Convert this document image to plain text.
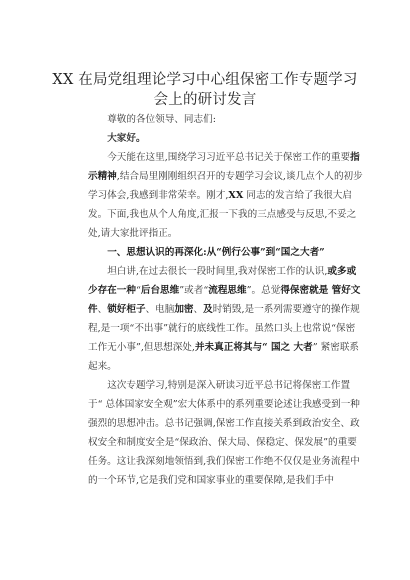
XX 在局党组理论学习中心组保密工作专题学习会上的研讨发言

尊敬的各位领导、同志们:

大家好。

今天能在这里,围绕学习习近平总书记关于保密工作的重要指示精神,结合局里刚刚组织召开的专题学习会议,谈几点个人的初步学习体会,我感到非常荣幸。刚才,XX 同志的发言给了我很大启发。下面,我也从个人角度,汇报一下我的三点感受与反思,不妥之处,请大家批评指正。

一、思想认识的再深化:从“例行公事”到“国之大者”

坦白讲,在过去很长一段时间里,我对保密工作的认识,或多或少存在一种“后台思维”或者“流程思维”。总觉得保密就是 管好文件、锁好柜子、电脑加密、及时销毁,是一系列需要遵守的操作规程,是一项“不出事”就行的底线性工作。虽然口头上也常说“保密工作无小事”,但思想深处,并未真正将其与“ 国之 大者” 紧密联系起来。

这次专题学习,特别是深入研读习近平总书记将保密工作置于“ 总体国家安全观”宏大体系中的系列重要论述让我感受到一种强烈的思想冲击。总书记强调,保密工作直接关系到政治安全、政权安全和制度安全是“保政治、保大局、保稳定、保发展”的重要任务。这让我深刻地领悟到,我们保密工作绝不仅仅是业务流程中的一个环节,它是我们党和国家事业的重要保障,是我们手中
